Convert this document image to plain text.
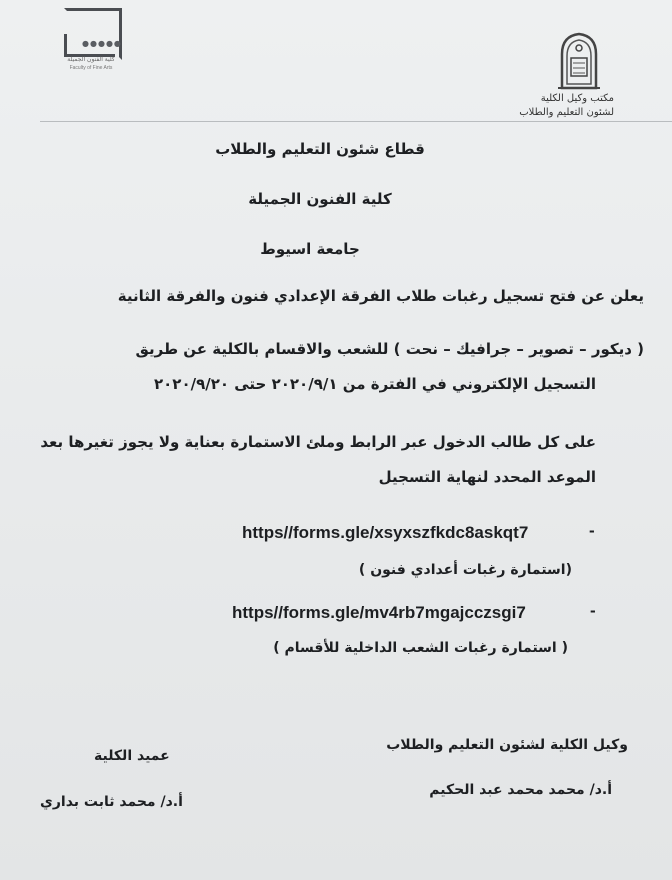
●●●●●
كلية الفنون الجميلة
Faculty of Fine Arts
مكتب وكيل الكلية
لشئون التعليم والطلاب
قطاع شئون التعليم والطلاب
كلية الفنون الجميلة
جامعة اسيوط
يعلن عن فتح تسجيل رغبات طلاب الفرقة الإعدادي فنون والفرقة الثانية
( ديكور – تصوير – جرافيك – نحت ) للشعب والاقسام بالكلية عن طريق
التسجيل الإلكتروني في الفترة من ٢٠٢٠/٩/١ حتى ٢٠٢٠/٩/٢٠
على كل طالب الدخول عبر الرابط وملئ الاستمارة بعناية ولا يجوز تغيرها بعد
الموعد المحدد لنهاية التسجيل
https//forms.gle/xsyxszfkdc8askqt7	-
(استمارة رغبات أعدادي فنون )
https//forms.gle/mv4rb7mgajcczsgi7	-
( استمارة رغبات الشعب الداخلية للأقسام )
وكيل الكلية لشئون التعليم والطلاب
أ.د/ محمد محمد عبد الحكيم
عميد الكلية
أ.د/ محمد ثابت بداري
